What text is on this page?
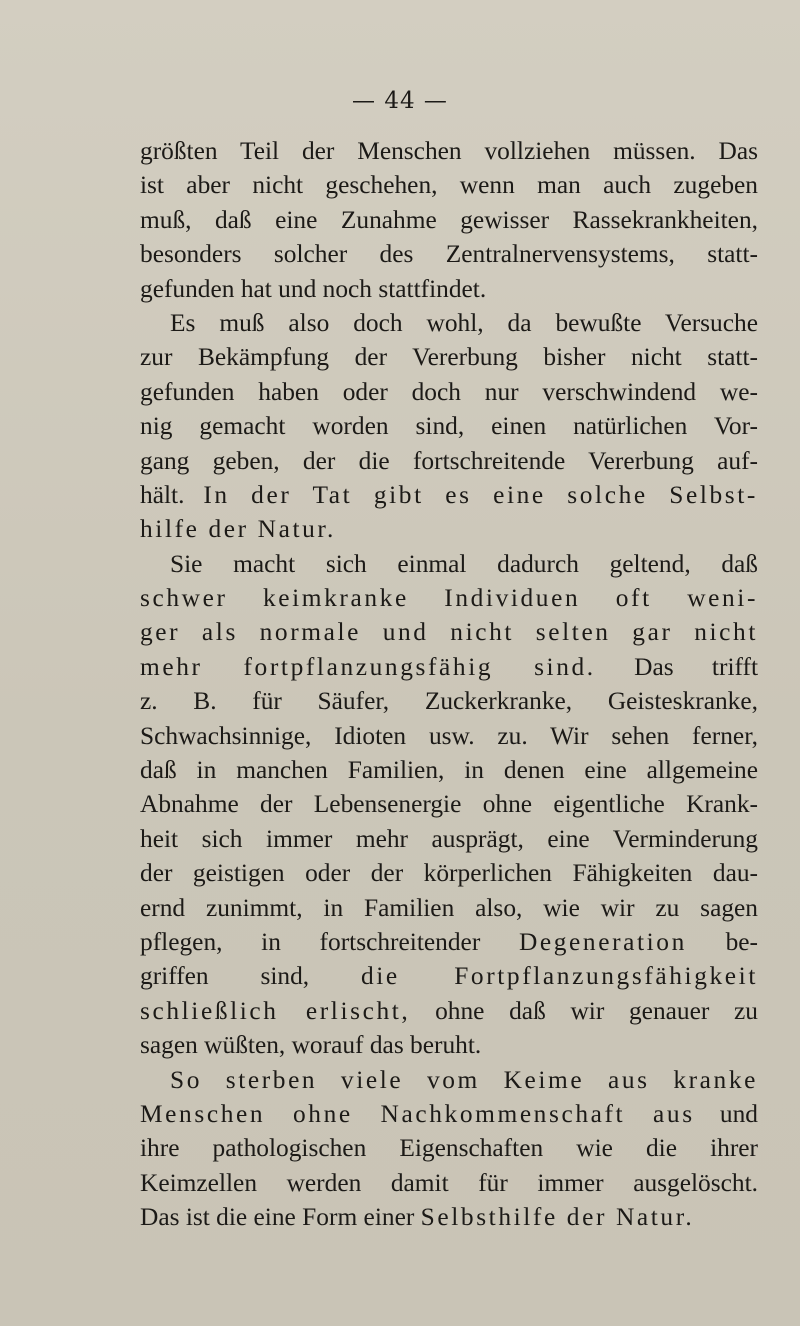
— 44 —
größten Teil der Menschen vollziehen müssen. Das
ist aber nicht geschehen, wenn man auch zugeben
muß, daß eine Zunahme gewisser Rassekrankheiten,
besonders solcher des Zentralnervensystems, statt-
gefunden hat und noch stattfindet.
Es muß also doch wohl, da bewußte Versuche
zur Bekämpfung der Vererbung bisher nicht statt-
gefunden haben oder doch nur verschwindend we-
nig gemacht worden sind, einen natürlichen Vor-
gang geben, der die fortschreitende Vererbung auf-
hält. In der Tat gibt es eine solche Selbst-
hilfe der Natur.
Sie macht sich einmal dadurch geltend, daß
schwer keimkranke Individuen oft weni-
ger als normale und nicht selten gar nicht
mehr fortpflanzungsfähig sind. Das trifft
z. B. für Säufer, Zuckerkranke, Geisteskranke,
Schwachsinnige, Idioten usw. zu. Wir sehen ferner,
daß in manchen Familien, in denen eine allgemeine
Abnahme der Lebensenergie ohne eigentliche Krank-
heit sich immer mehr ausprägt, eine Verminderung
der geistigen oder der körperlichen Fähigkeiten dau-
ernd zunimmt, in Familien also, wie wir zu sagen
pflegen, in fortschreitender Degeneration be-
griffen sind, die Fortpflanzungsfähigkeit
schließlich erlischt, ohne daß wir genauer zu
sagen wüßten, worauf das beruht.
So sterben viele vom Keime aus kranke
Menschen ohne Nachkommenschaft aus und
ihre pathologischen Eigenschaften wie die ihrer
Keimzellen werden damit für immer ausgelöscht.
Das ist die eine Form einer Selbsthilfe der Natur.
